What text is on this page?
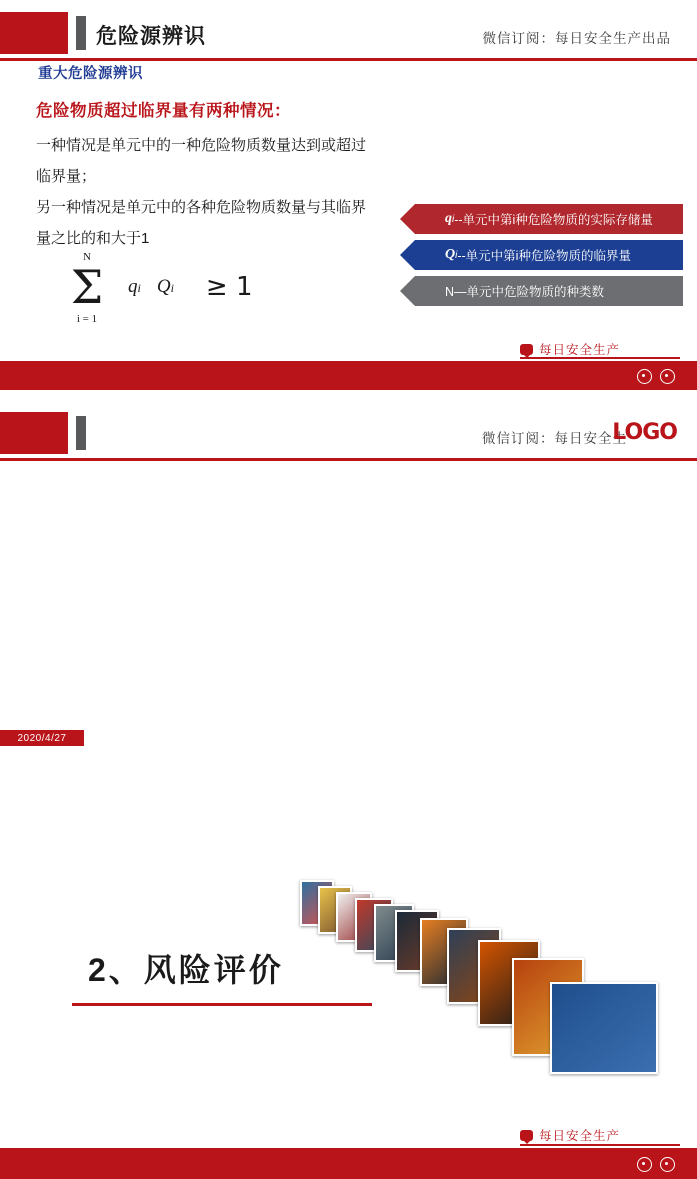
危险源辨识	微信订阅：每日安全生产出品
重大危险源辨识
危险物质超过临界量有两种情况：
一种情况是单元中的一种危险物质数量达到或超过临界量；
另一种情况是单元中的各种危险物质数量与其临界量之比的和大于1
N
Σ
i = 1
qi Qi ≥ 1
q i --单元中第i种危险物质的实际存储量
Q i --单元中第i种危险物质的临界量
N—单元中危险物质的种类数
每日安全生产
微信订阅：每日安全生
LOGO
2、风险评价
2020/4/27
每日安全生产
